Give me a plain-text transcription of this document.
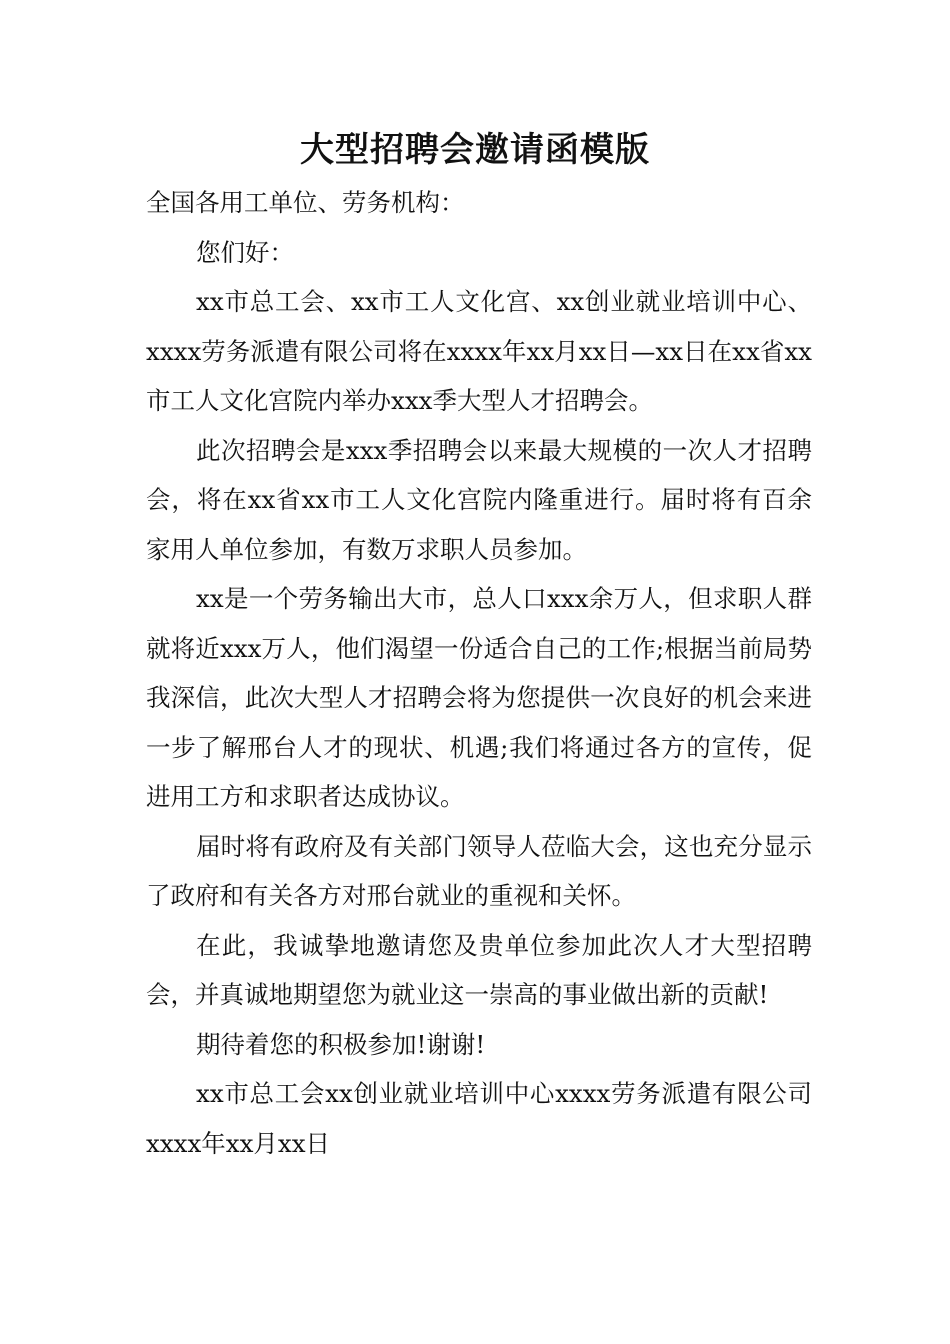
大型招聘会邀请函模版

全国各用工单位、劳务机构：

您们好：

xx市总工会、xx市工人文化宫、xx创业就业培训中心、xxxx劳务派遣有限公司将在xxxx年xx月xx日—xx日在xx省xx市工人文化宫院内举办xxx季大型人才招聘会。

此次招聘会是xxx季招聘会以来最大规模的一次人才招聘会，将在xx省xx市工人文化宫院内隆重进行。届时将有百余家用人单位参加，有数万求职人员参加。

xx是一个劳务输出大市，总人口xxx余万人，但求职人群就将近xxx万人，他们渴望一份适合自己的工作;根据当前局势我深信，此次大型人才招聘会将为您提供一次良好的机会来进一步了解邢台人才的现状、机遇;我们将通过各方的宣传，促进用工方和求职者达成协议。

届时将有政府及有关部门领导人莅临大会，这也充分显示了政府和有关各方对邢台就业的重视和关怀。

在此，我诚挚地邀请您及贵单位参加此次人才大型招聘会，并真诚地期望您为就业这一崇高的事业做出新的贡献!

期待着您的积极参加!谢谢!

xx市总工会xx创业就业培训中心xxxx劳务派遣有限公司xxxx年xx月xx日
